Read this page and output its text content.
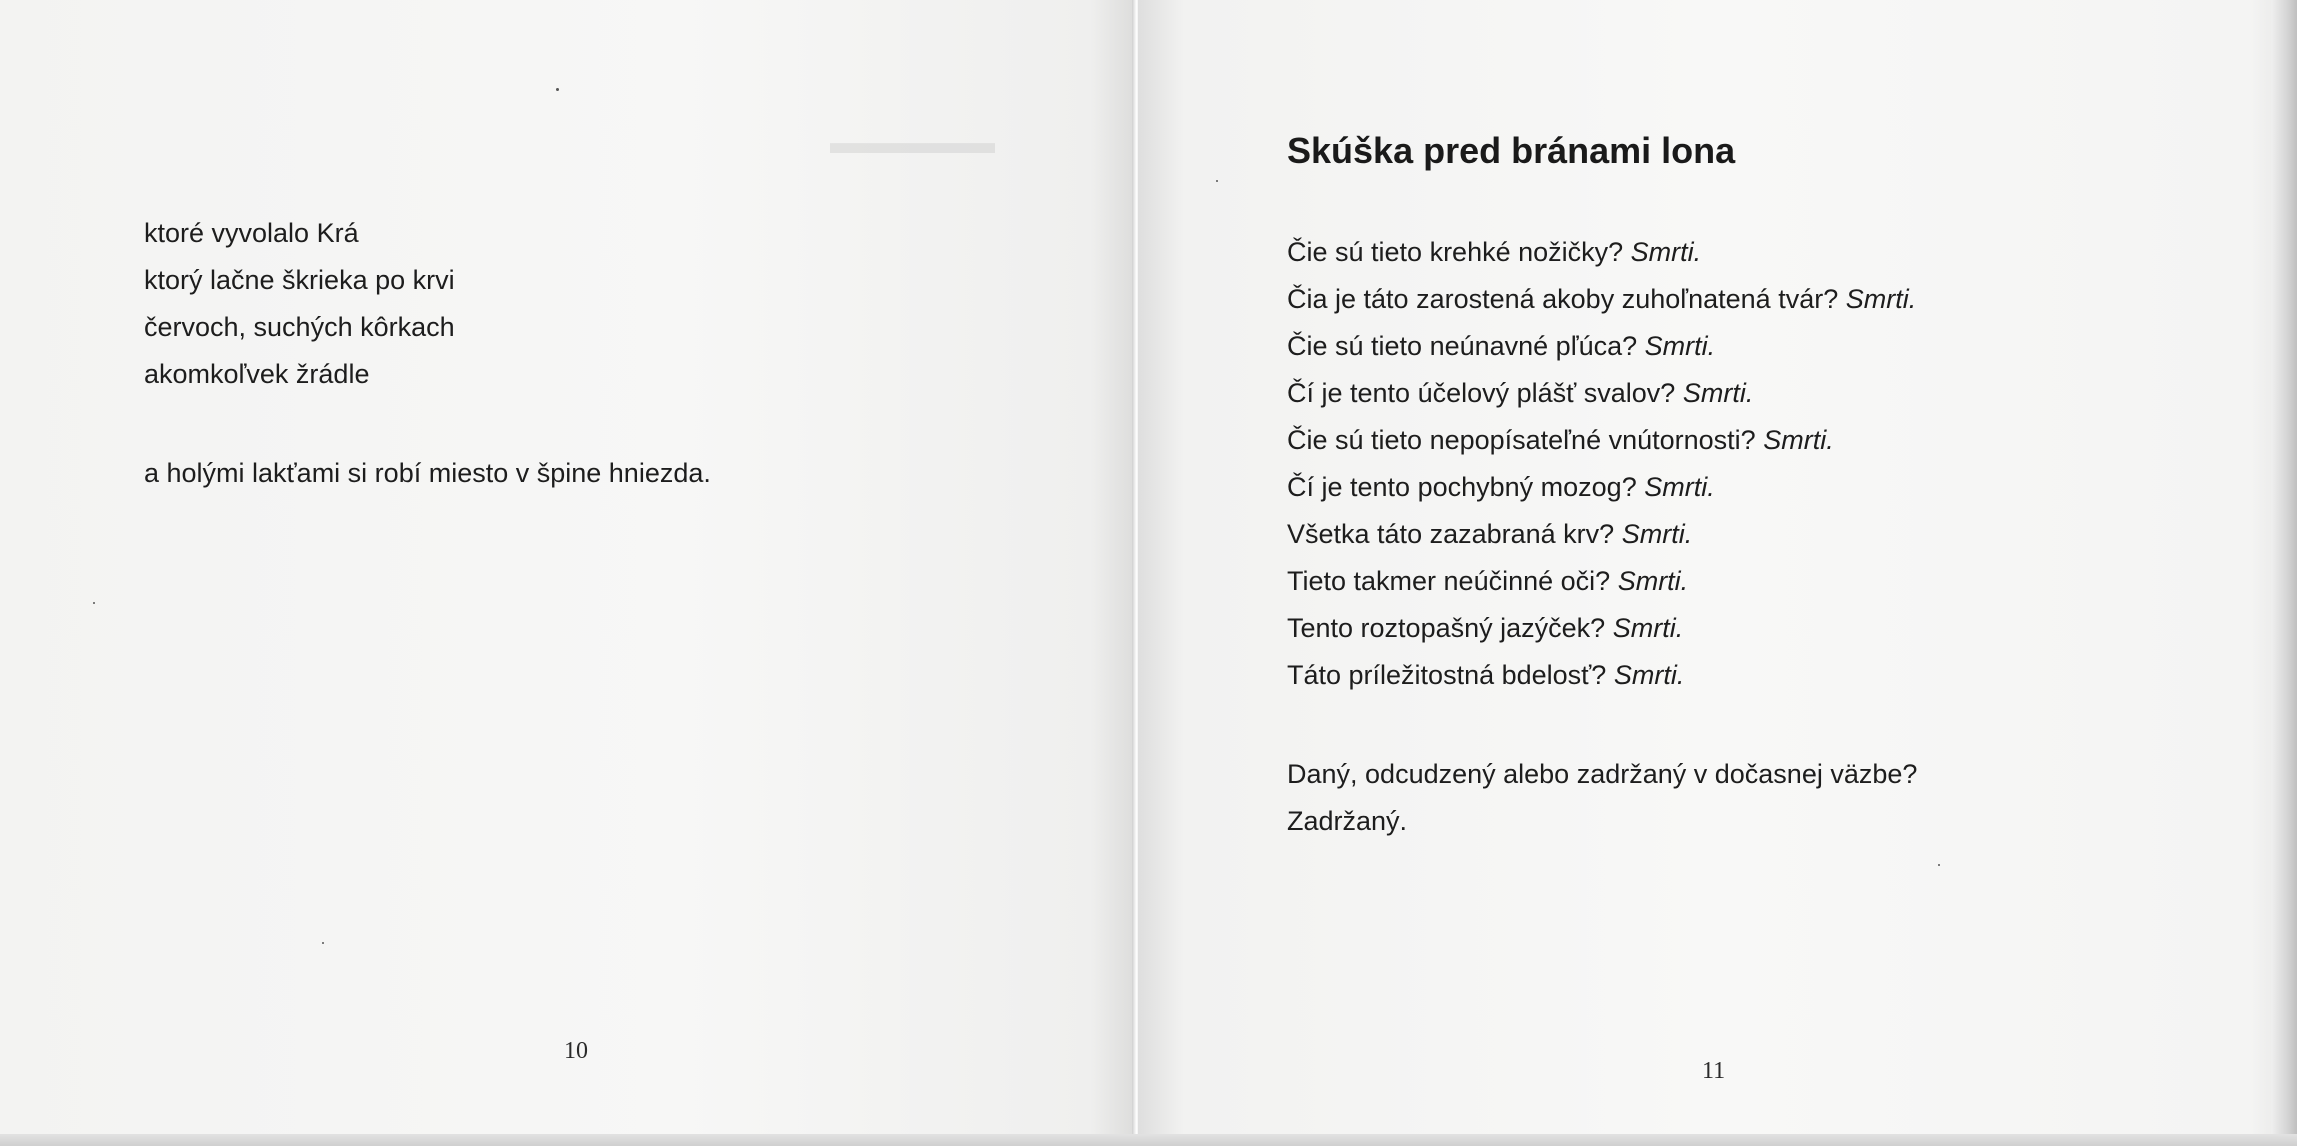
▬▬▬▬▬
ktoré vyvolalo Krá
ktorý lačne škrieka po krvi
červoch, suchých kôrkach
akomkoľvek žrádle
a holými lakťami si robí miesto v špine hniezda.
10
Skúška pred bránami lona
Čie sú tieto krehké nožičky? Smrti.
Čia je táto zarostená akoby zuhoľnatená tvár? Smrti.
Čie sú tieto neúnavné pľúca? Smrti.
Čí je tento účelový plášť svalov? Smrti.
Čie sú tieto nepopísateľné vnútornosti? Smrti.
Čí je tento pochybný mozog? Smrti.
Všetka táto zazabraná krv? Smrti.
Tieto takmer neúčinné oči? Smrti.
Tento roztopašný jazýček? Smrti.
Táto príležitostná bdelosť? Smrti.
Daný, odcudzený alebo zadržaný v dočasnej väzbe?
Zadržaný.
11
